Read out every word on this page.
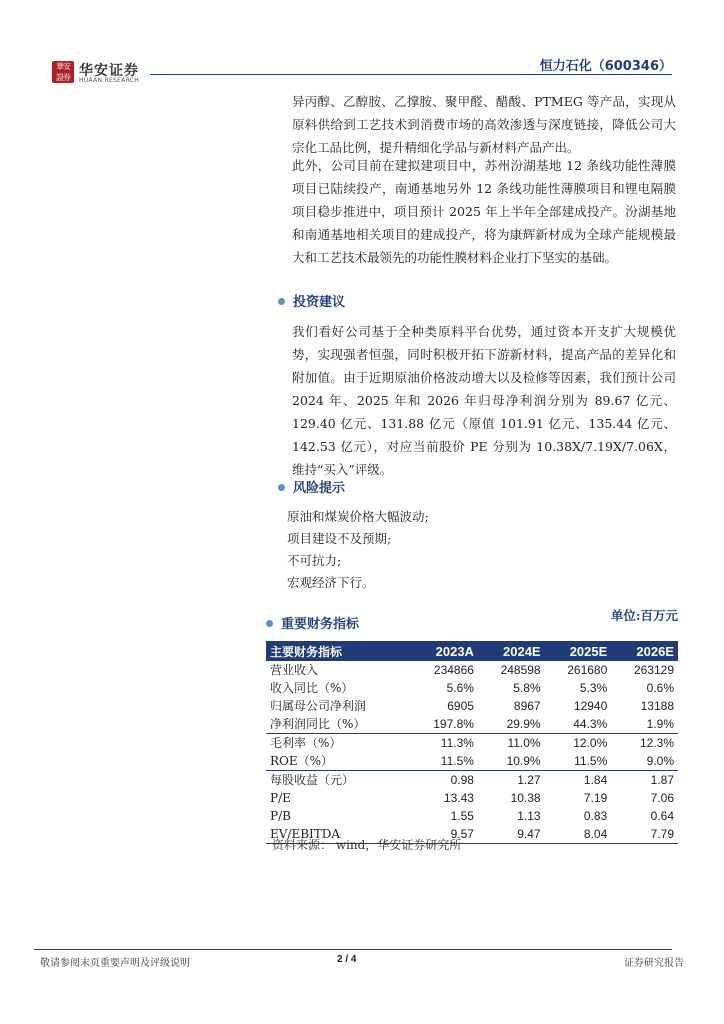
華安
證券 华安证券
HUAAN RESEARCH
恒力石化（600346）

异丙醇、乙醇胺、乙撑胺、聚甲醛、醋酸、PTMEG 等产品，实现从原料供给到工艺技术到消费市场的高效渗透与深度链接，降低公司大宗化工品比例，提升精细化学品与新材料产品产出。

此外，公司目前在建拟建项目中，苏州汾湖基地 12 条线功能性薄膜项目已陆续投产，南通基地另外 12 条线功能性薄膜项目和锂电隔膜项目稳步推进中，项目预计 2025 年上半年全部建成投产。汾湖基地和南通基地相关项目的建成投产，将为康辉新材成为全球产能规模最大和工艺技术最领先的功能性膜材料企业打下坚实的基础。

投资建议

我们看好公司基于全种类原料平台优势，通过资本开支扩大规模优势，实现强者恒强，同时积极开拓下游新材料，提高产品的差异化和附加值。由于近期原油价格波动增大以及检修等因素，我们预计公司 2024 年、2025 年和 2026 年归母净利润分别为 89.67 亿元、129.40 亿元、131.88 亿元（原值 101.91 亿元、135.44 亿元、142.53 亿元），对应当前股价 PE 分别为 10.38X/7.19X/7.06X，维持“买入”评级。

风险提示
原油和煤炭价格大幅波动;
项目建设不及预期;
不可抗力;
宏观经济下行。
单位:百万元
重要财务指标
主要财务指标	2023A	2024E	2025E	2026E
营业收入	234866	248598	261680	263129
收入同比（%）	5.6%	5.8%	5.3%	0.6%
归属母公司净利润	6905	8967	12940	13188
净利润同比（%）	197.8%	29.9%	44.3%	1.9%
毛利率（%）	11.3%	11.0%	12.0%	12.3%
ROE（%）	11.5%	10.9%	11.5%	9.0%
每股收益（元）	0.98	1.27	1.84	1.87
P/E	13.43	10.38	7.19	7.06
P/B	1.55	1.13	0.83	0.64
EV/EBITDA	9.57	9.47	8.04	7.79
资料来源： wind，华安证券研究所
敬请参阅末页重要声明及评级说明	2 / 4	证券研究报告
